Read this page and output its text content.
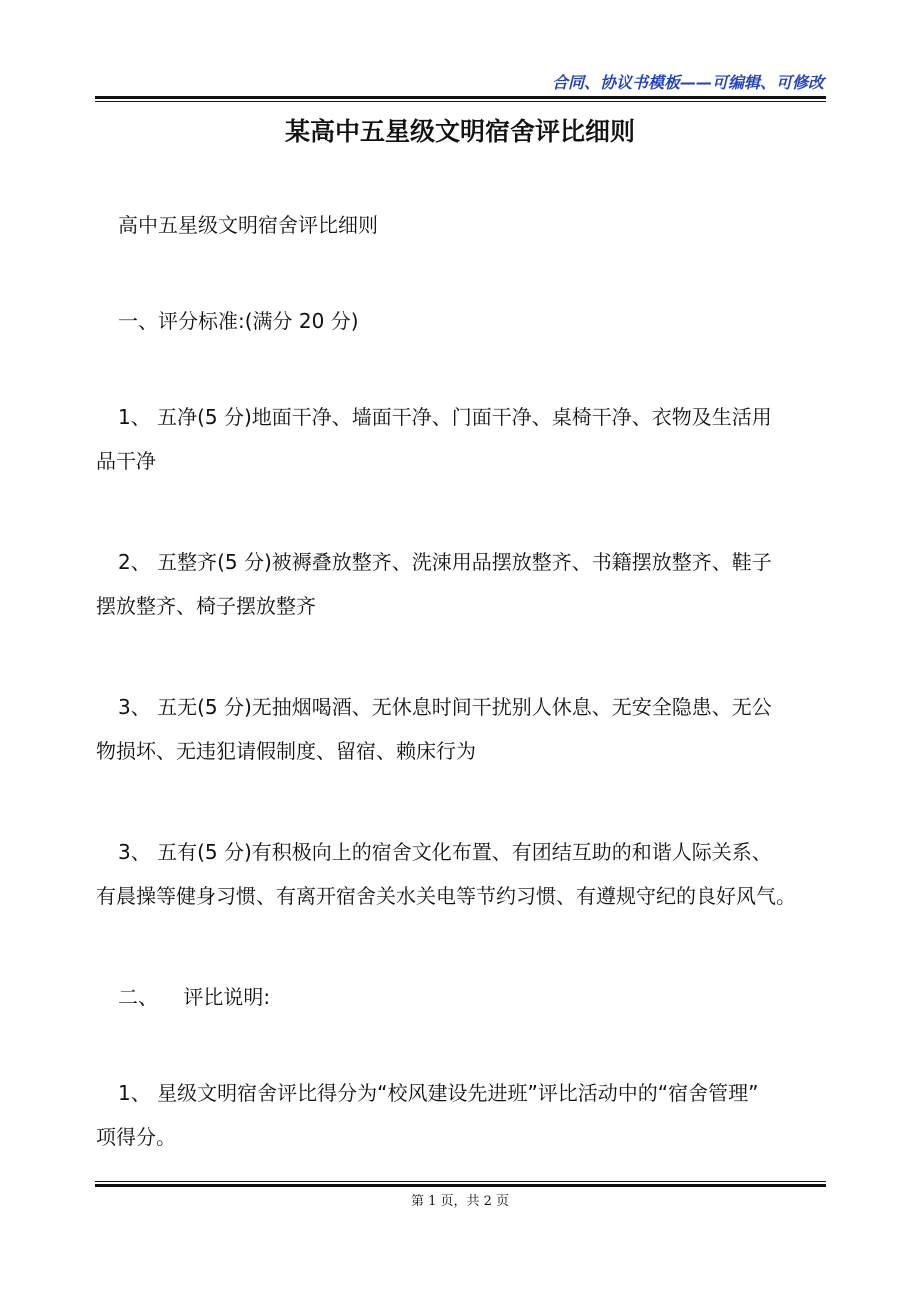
合同、协议书模板——可编辑、可修改
某高中五星级文明宿舍评比细则
高中五星级文明宿舍评比细则
一、评分标准:(满分 20 分)
1、 五净(5 分)地面干净、墙面干净、门面干净、桌椅干净、衣物及生活用
品干净
2、 五整齐(5 分)被褥叠放整齐、洗涑用品摆放整齐、书籍摆放整齐、鞋子
摆放整齐、椅子摆放整齐
3、 五无(5 分)无抽烟喝酒、无休息时间干扰别人休息、无安全隐患、无公
物损坏、无违犯请假制度、留宿、赖床行为
3、 五有(5 分)有积极向上的宿舍文化布置、有团结互助的和谐人际关系、
有晨操等健身习惯、有离开宿舍关水关电等节约习惯、有遵规守纪的良好风气。
二、    评比说明:
1、 星级文明宿舍评比得分为“校风建设先进班”评比活动中的“宿舍管理”
项得分。
第 1 页，共 2 页
